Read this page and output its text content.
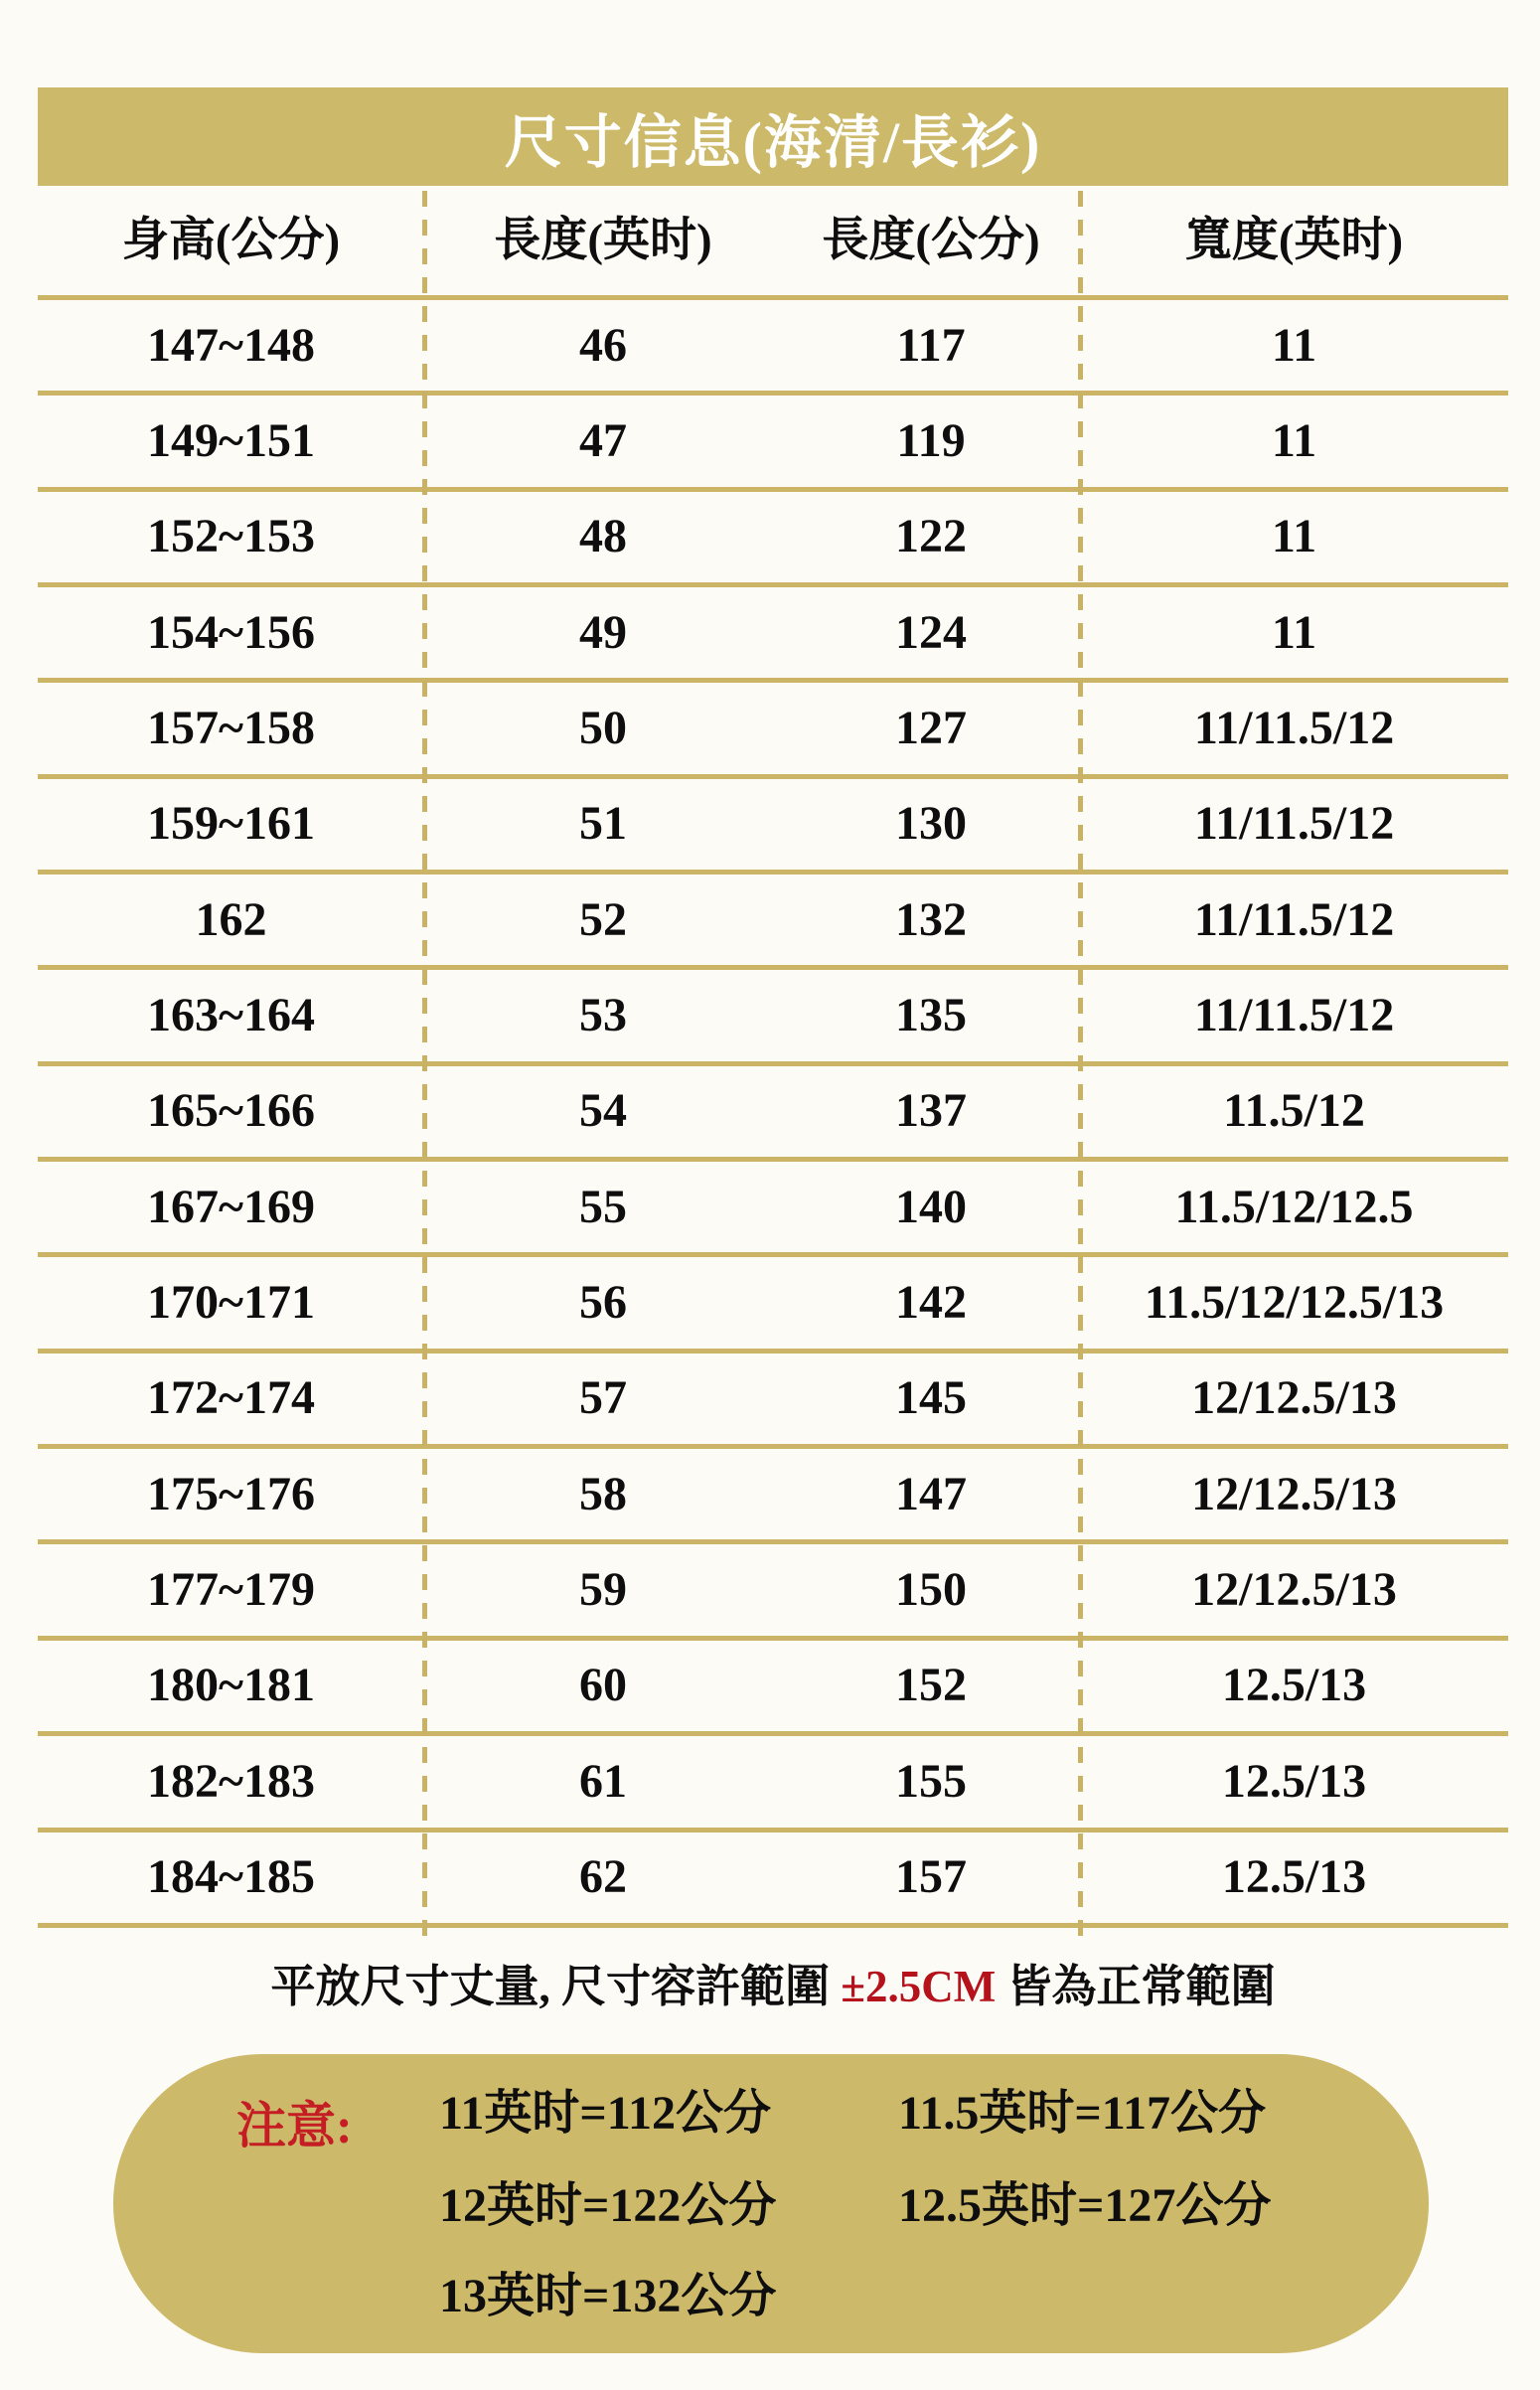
尺寸信息(海清/長衫)
身高(公分)	長度(英时)	長度(公分)	寬度(英时)
147~148	46	117	11
149~151	47	119	11
152~153	48	122	11
154~156	49	124	11
157~158	50	127	11/11.5/12
159~161	51	130	11/11.5/12
162	52	132	11/11.5/12
163~164	53	135	11/11.5/12
165~166	54	137	11.5/12
167~169	55	140	11.5/12/12.5
170~171	56	142	11.5/12/12.5/13
172~174	57	145	12/12.5/13
175~176	58	147	12/12.5/13
177~179	59	150	12/12.5/13
180~181	60	152	12.5/13
182~183	61	155	12.5/13
184~185	62	157	12.5/13
平放尺寸丈量, 尺寸容許範圍 ±2.5CM 皆為正常範圍
注意: 11英时=112公分	11.5英时=117公分
12英时=122公分	12.5英时=127公分
13英时=132公分
